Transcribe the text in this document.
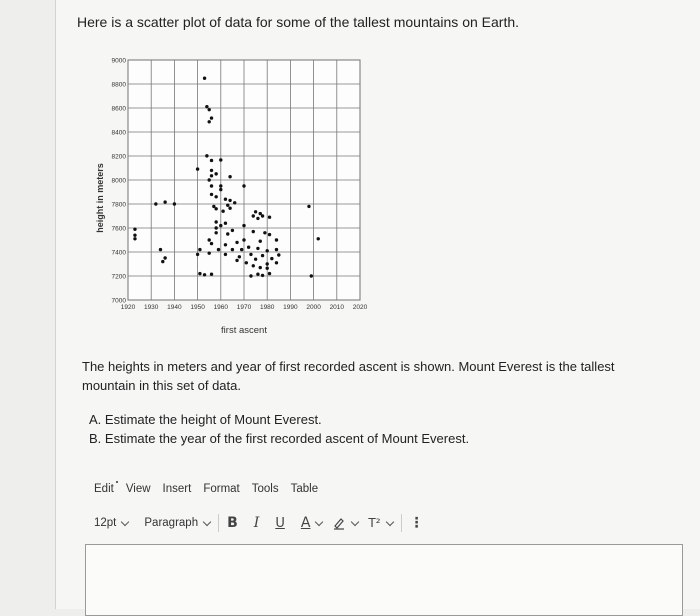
Here is a scatter plot of data for some of the tallest mountains on Earth.
1920 1930 1940 1950 1960 1970 1980 1990 2000 2010 2020
7000
7200
7400
7600
7800
8000
8200
8400
8600
8800
9000
first ascent
height in meters
The heights in meters and year of first recorded ascent is shown. Mount Everest is the tallest mountain in this set of data.
A. Estimate the height of Mount Everest.
B. Estimate the year of the first recorded ascent of Mount Everest.
Edit View Insert Format Tools Table
12pt Paragraph B I U A	T² ⋮
